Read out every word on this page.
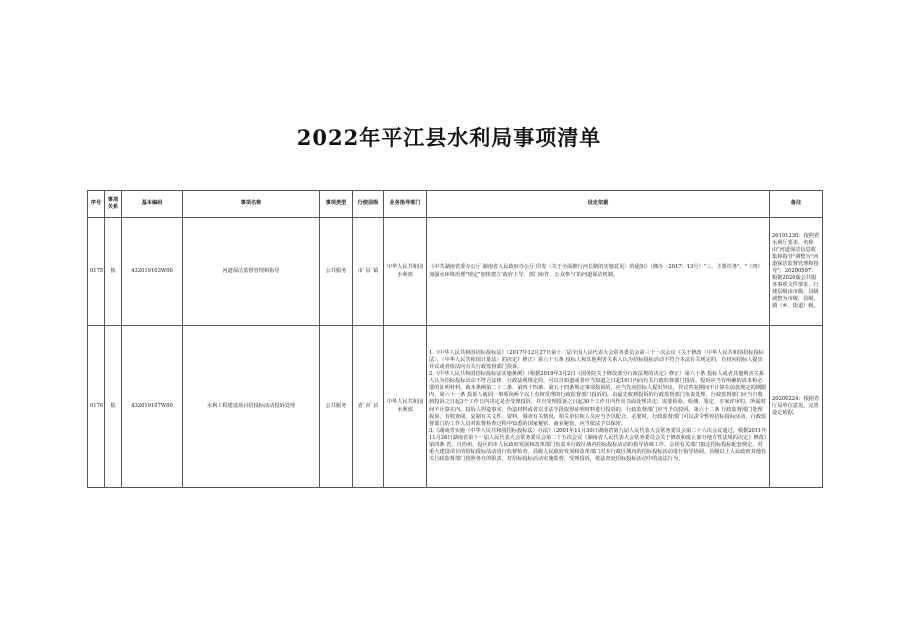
2022年平江县水利局事项清单
序号	事项关系	基本编码	事项名称	事项类型	行使层级	业务指导部门	设定依据	备注
0175	独	432019103W00	河道保洁监督管理和指导	公共服务	市`县`镇	中华人民共和国水利部	《中共湖南省委办公厅 湖南省人民政府办公厅 印发〈关于全面推行河长制的实施意见〉的通知》（湘办〔2017〕13号）"三、主要任务"、"（四）加强水环境治理"规定"加快建立'政府主导、部门协作、公众参与'的河道保洁机制。	20191230：按照省水利厅要求，名称由"河道保洁信息收集和指导"调整为"河道保洁监督管理和指导"；20200507：根据2020版公共服务事项文件要求，行使层级由市级、县级调整为市级、县级、镇（乡、街道）级。
0176	独	432019107W00	水利工程建设项目招投标活动投诉处理	公共服务	省`市`县	中华人民共和国水利部	1.《中华人民共和国招标投标法》（2017年12月27日第十二届全国人民代表大会常务委员会第三十一次会议《关于修改〈中华人民共和国招标投标法〉、〈中华人民共和国计量法〉的决定》修正）第六十五条 投标人和其他利害关系人认为招标投标活动不符合本法有关规定的，有权向招标人提出异议或者依法向有关行政监督部门投诉。

2.《中华人民共和国招标投标法实施条例》（根据2019年3月2日《国务院关于修改部分行政法规的决定》修正）第六十条 投标人或者其他利害关系人认为招标投标活动不符合法律、行政法规规定的，可以自知道或者应当知道之日起10日内向有关行政监督部门投诉。投诉应当有明确的请求和必要的证明材料。就本条例第二十二条、第四十四条、第五十四条规定事项投诉的，应当先向招标人提出异议，异议答复期间不计算在前款规定的期限内。第六十一条 投诉人就同一事项向两个以上有权受理的行政监督部门投诉的，由最先收到投诉的行政监督部门负责处理。行政监督部门应当自收到投诉之日起3个工作日内决定是否受理投诉，并自受理投诉之日起30个工作日内作出书面处理决定；需要检验、检测、鉴定、专家评审的，所需时间不计算在内。投诉人捏造事实、伪造材料或者以非法手段取得证明材料进行投诉的，行政监督部门应当予以驳回。第六十二条 行政监督部门处理投诉，有权查阅、复制有关文件、资料，调查有关情况，相关单位和人员应当予以配合。必要时，行政监督部门可以责令暂停招标投标活动。行政监督部门的工作人员对监督检查过程中知悉的国家秘密、商业秘密，应当依法予以保密。

3.《湖南省实施〈中华人民共和国招标投标法〉办法》（2001年11月30日湖南省第九届人民代表大会常务委员会第二十六次会议通过，根据2011年11月26日湖南省第十一届人民代表大会常务委员会第二十五次会议《湖南省人民代表大会常务委员会关于修改和废止部分地方性法规的决定》修改）第四条 省、自治州、设区的市人民政府发展和改革部门负责本行政区域内招标投标活动的指导协调工作，会同有关部门拟定招标投标配套规定，对重大建设项目的招标投标活动进行监督检查。县级人民政府发展和改革部门对本行政区域内的招标投标活动进行指导协调。县级以上人民政府其他有关行政监督部门按照各自的职责，对招标投标活动实施监督，受理投诉，依法查处招标投标活动中的违法行为。	20200224：根据省厅局单位意见，完善设定依据。
